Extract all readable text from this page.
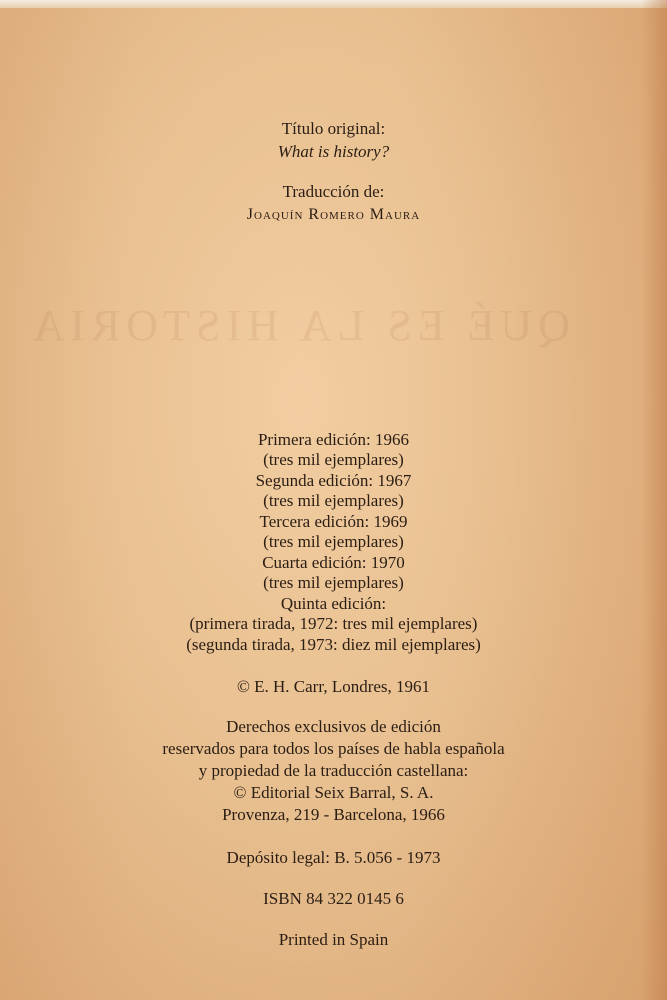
QUÉ ES LA HISTORIA
Título original:
What is history?
Traducción de:
Joaquín Romero Maura
Primera edición: 1966
(tres mil ejemplares)
Segunda edición: 1967
(tres mil ejemplares)
Tercera edición: 1969
(tres mil ejemplares)
Cuarta edición: 1970
(tres mil ejemplares)
Quinta edición:
(primera tirada, 1972: tres mil ejemplares)
(segunda tirada, 1973: diez mil ejemplares)
© E. H. Carr, Londres, 1961
Derechos exclusivos de edición
reservados para todos los países de habla española
y propiedad de la traducción castellana:
© Editorial Seix Barral, S. A.
Provenza, 219 - Barcelona, 1966
Depósito legal: B. 5.056 - 1973
ISBN 84 322 0145 6
Printed in Spain
